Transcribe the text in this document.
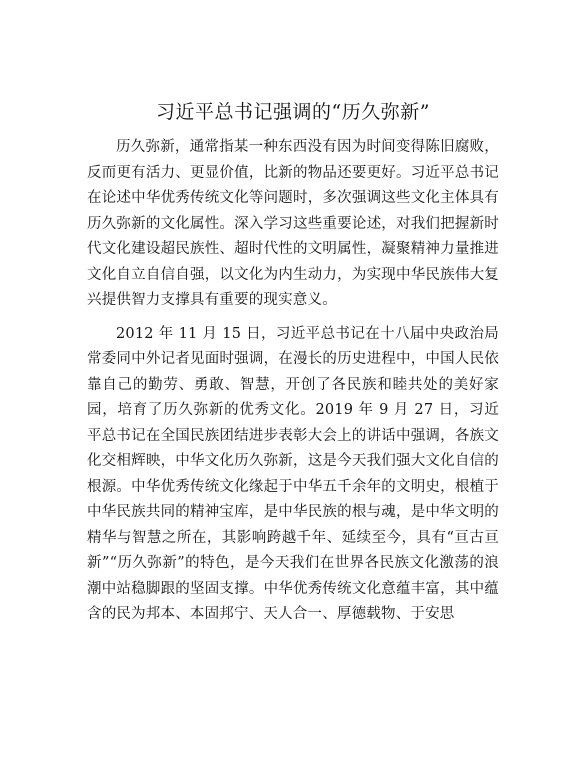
习近平总书记强调的“历久弥新”

历久弥新，通常指某一种东西没有因为时间变得陈旧腐败，反而更有活力、更显价值，比新的物品还要更好。习近平总书记在论述中华优秀传统文化等问题时，多次强调这些文化主体具有历久弥新的文化属性。深入学习这些重要论述，对我们把握新时代文化建设超民族性、超时代性的文明属性，凝聚精神力量推进文化自立自信自强，以文化为内生动力，为实现中华民族伟大复兴提供智力支撑具有重要的现实意义。

2012 年 11 月 15 日，习近平总书记在十八届中央政治局常委同中外记者见面时强调，在漫长的历史进程中，中国人民依靠自己的勤劳、勇敢、智慧，开创了各民族和睦共处的美好家园，培育了历久弥新的优秀文化。2019 年 9 月 27 日，习近平总书记在全国民族团结进步表彰大会上的讲话中强调，各族文化交相辉映，中华文化历久弥新，这是今天我们强大文化自信的根源。中华优秀传统文化缘起于中华五千余年的文明史，根植于中华民族共同的精神宝库，是中华民族的根与魂，是中华文明的精华与智慧之所在，其影响跨越千年、延续至今，具有“亘古亘新”“历久弥新”的特色，是今天我们在世界各民族文化激荡的浪潮中站稳脚跟的坚固支撑。中华优秀传统文化意蕴丰富，其中蕴含的民为邦本、本固邦宁、天人合一、厚德载物、于安思
